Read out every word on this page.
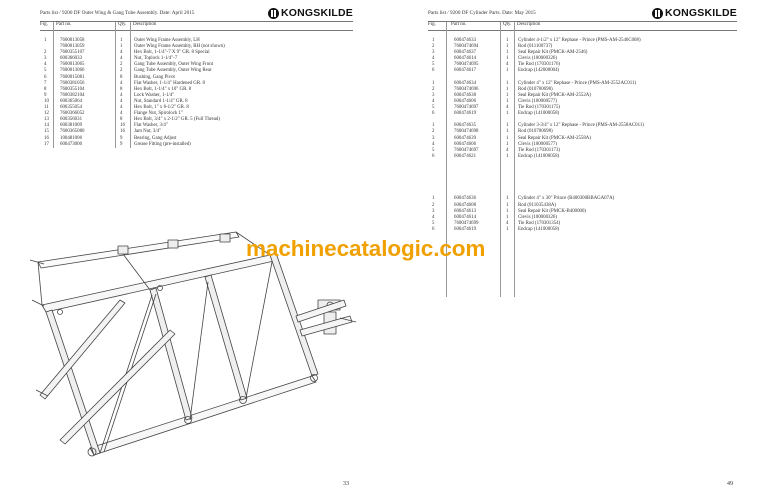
Parts list / 9200 DF Outer Wing & Gang Tube Assembly. Date: April 2015	KONGSKILDE
Fig. Part no.	Qty. Description
1	7600013058	1 Outer Wing Frame Assembly, LH
7600013059	1 Outer Wing Frame Assembly, RH (not shown)
2	7600355107	4 Hex Bolt, 1-1/4"-7 X 9" GR. 8 Special
3	600366033	4 Nut, Toplock 1-1/4"-7
4	7600013065	2 Gang Tube Assembly, Outer Wing Front
5	7600013066	2 Gang Tube Assembly, Outer Wing Rear
6	7600015081	8 Bushing, Gang Pivot
7	7600381056	4 Flat Washer, 1-1/4" Hardened GR. 8
8	7600355104	8 Hex Bolt, 1-1/4" x 10" GR. 8
9	7600382104	4 Lock Washer, 1-1/4"
10 600365064	4 Nut, Standard 1-1/4" GR. 8
11 600355054	4 Hex Bolt, 1" x 6-1/2" GR. 8
12 7600366052	4 Flange Nut, Spirolock 1"
13 600356031	8 Hex Bolt, 3/4" x 2-1/2" GR. 5 (Full Thread)
14 600381009	16 Flat Washer, 3/4"
15 7600365080	16 Jam Nut, 3/4"
16 100481006	9 Bearing, Gang Adjust
17 600473000	9 Grease Fitting (pre-installed)
33
Parts list / 9200 DF Cylinder Parts. Date: May 2015	KONGSKILDE
Fig.	Part no.	Qty. Description
1	600474633	1 Cylinder 4-1/2" x 12" Rephase - Prince (PMS-AM-2546C008)
2	7600474694	1 Rod (011100737)
3	600474637	1 Seal Repair Kit (PMCK-AM-2546)
4	600474614	1 Clevis (100000326)
5	7600474695	4 Tie Rod (170301176)
6	600474617	1 Endcap (142000004)
1	600474634	1 Cylinder 4" x 12" Rephase - Prince (PMS-AM-2552AC011)
2	7600474696	1 Rod (010700698)
3	600474638	1 Seal Repair Kit (PMCK-AM-2552A)
4	600474606	1 Clevis (100000577)
5	7600474697	4 Tie Rod (170301175)
6	600474619	1 Endcap (141000058)
1	600474635	1 Cylinder 3-3/4" x 12" Rephase - Prince (PMS-AM-2558AC011)
2	7600474698	1 Rod (010700698)
3	600474639	1 Seal Repair Kit (PMCK-AM-2558A)
4	600474606	1 Clevis (100000577)
5	7600474697	4 Tie Rod (170301173)
6	600474621	1 Endcap (141000058)
1	600474636	1 Cylinder 4" x 30" Prince (B400300BBAGA07A)
2	600474608	1 Rod (011035438A)
3	600474613	1 Seal Repair Kit (PMCK-B400000)
4	600474614	1 Clevis (100000326)
5	7600474699	4 Tie Rod (170301354)
6	600474619	1 Endcap (141000058)
49
machinecatalogic.com
